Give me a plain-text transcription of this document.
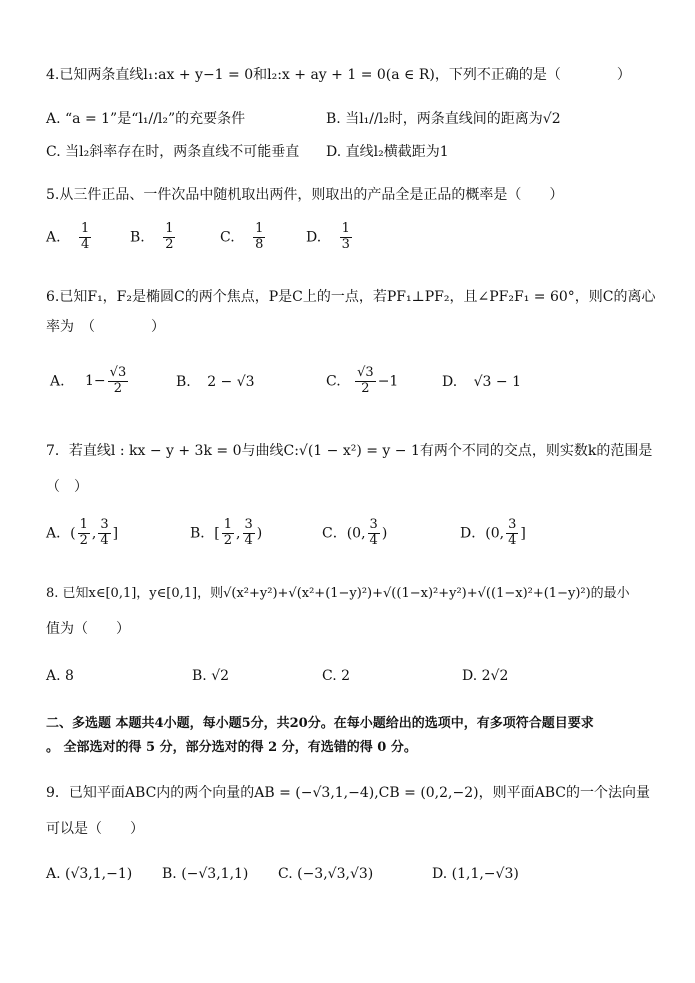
4.已知两条直线l₁:ax + y−1 = 0和l₂:x + ay + 1 = 0(a ∈ R)，下列不正确的是（　　　　）
A. “a = 1”是“l₁//l₂”的充要条件	B. 当l₁//l₂时，两条直线间的距离为√2
C. 当l₂斜率存在时，两条直线不可能垂直 D. 直线l₂横截距为1
5.从三件正品、一件次品中随机取出两件，则取出的产品全是正品的概率是（　　）
A. $\frac{1}{4}$	B. $\frac{1}{2}$	C. $\frac{1}{8}$	D. $\frac{1}{3}$
6.已知F₁，F₂是椭圆C的两个焦点，P是C上的一点，若PF₁⊥PF₂，且∠PF₂F₁ = 60°，则C的离心
率为　（　　　　）
A. $1- \frac{√3}{2}$	B. 2 − √3	C. $\frac{√3}{2} -1$	D. √3 − 1
7．若直线l : kx − y + 3k = 0与曲线C:√(1 − x²) = y − 1有两个不同的交点，则实数k的范围是
（　）
A．( $\frac{1}{2}$ , $\frac{3}{4}$ ]	B．[ $\frac{1}{2}$ , $\frac{3}{4}$ )	C．(0, $\frac{3}{4}$ )	D．(0, $\frac{3}{4}$ ]
8. 已知x∈[0,1]，y∈[0,1]，则√(x²+y²)+√(x²+(1−y)²)+√((1−x)²+y²)+√((1−x)²+(1−y)²)的最小
值为（　　）
A. 8	B. √2	C. 2	D. 2√2
二、多选题 本题共4小题，每小题5分，共20分。在每小题给出的选项中，有多项符合题目要求
。 全部选对的得 5 分，部分选对的得 2 分，有选错的得 0 分。
9．已知平面ABC内的两个向量的AB = (−√3,1,−4),CB = (0,2,−2)，则平面ABC的一个法向量
可以是（　　）
A. (√3,1,−1) B. (−√3,1,1) C. (−3,√3,√3)	D. (1,1,−√3)
